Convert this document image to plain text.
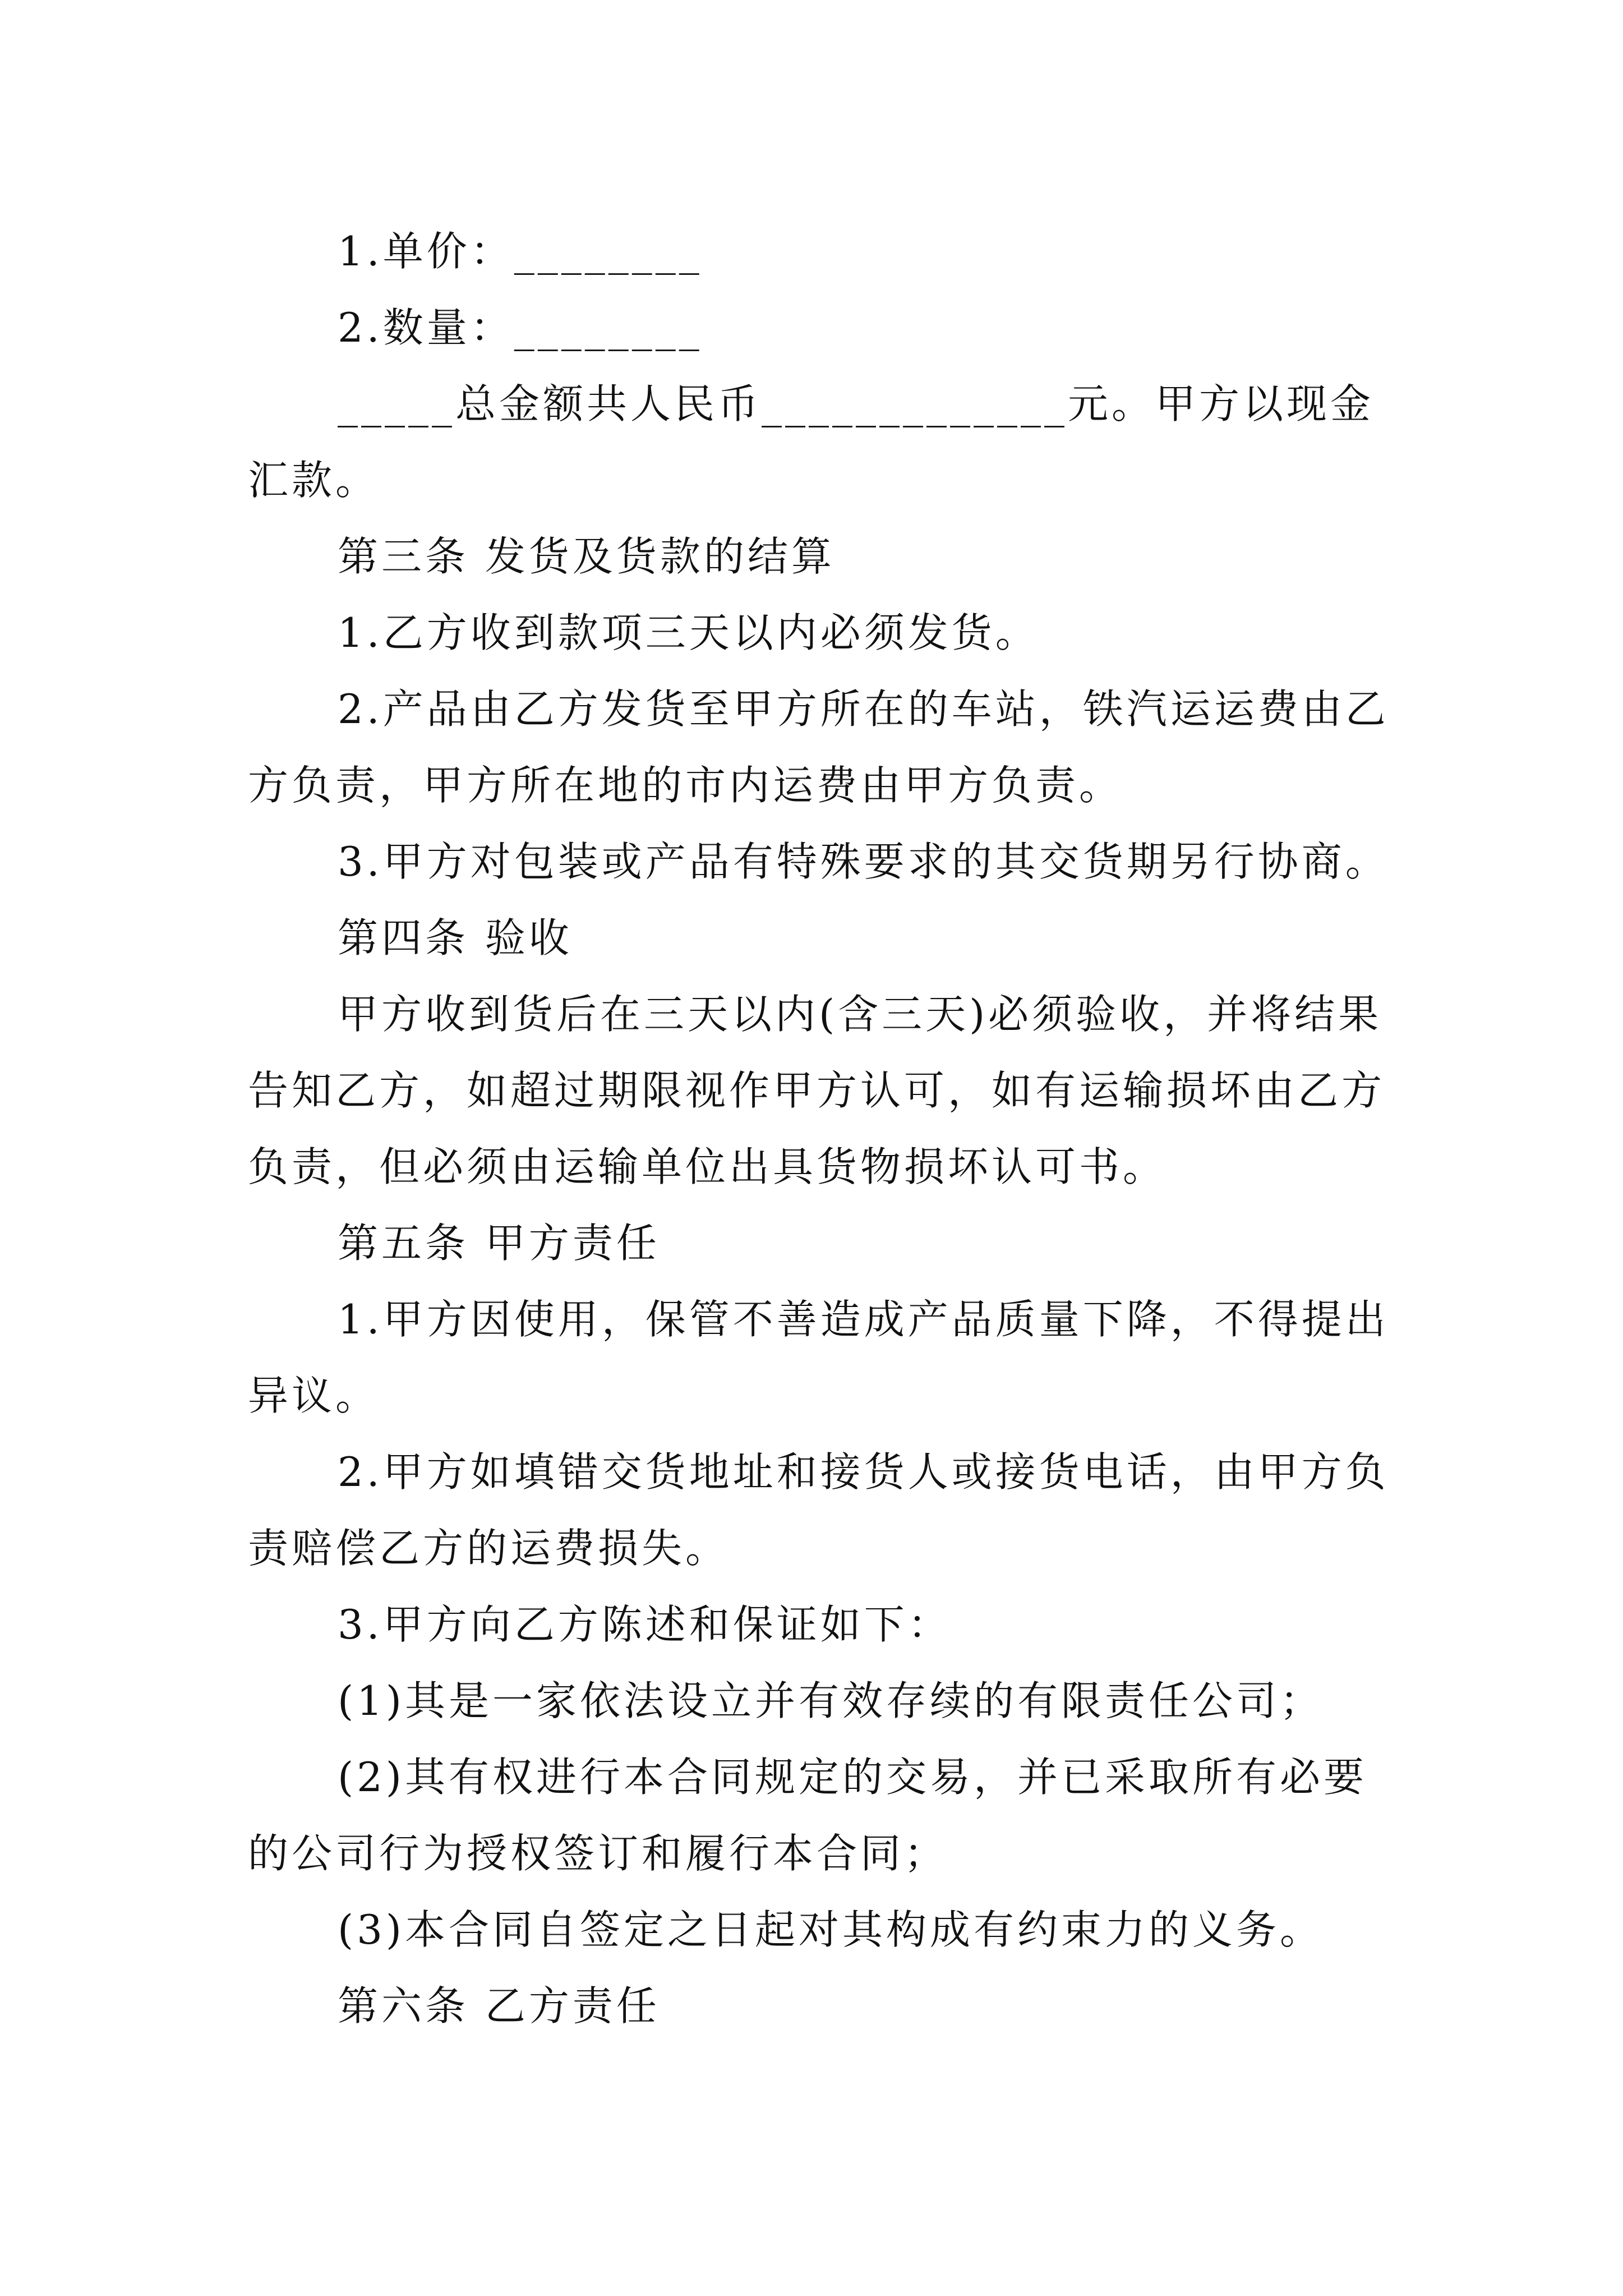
1.单价：________

2.数量：________

_____总金额共人民币_____________元。甲方以现金汇款。

第三条 发货及货款的结算

1.乙方收到款项三天以内必须发货。

2.产品由乙方发货至甲方所在的车站，铁汽运运费由乙方负责，甲方所在地的市内运费由甲方负责。

3.甲方对包装或产品有特殊要求的其交货期另行协商。

第四条 验收

甲方收到货后在三天以内(含三天)必须验收，并将结果告知乙方，如超过期限视作甲方认可，如有运输损坏由乙方负责，但必须由运输单位出具货物损坏认可书。

第五条 甲方责任

1.甲方因使用，保管不善造成产品质量下降，不得提出异议。

2.甲方如填错交货地址和接货人或接货电话，由甲方负责赔偿乙方的运费损失。

3.甲方向乙方陈述和保证如下：

(1)其是一家依法设立并有效存续的有限责任公司；

(2)其有权进行本合同规定的交易，并已采取所有必要的公司行为授权签订和履行本合同；

(3)本合同自签定之日起对其构成有约束力的义务。

第六条 乙方责任
